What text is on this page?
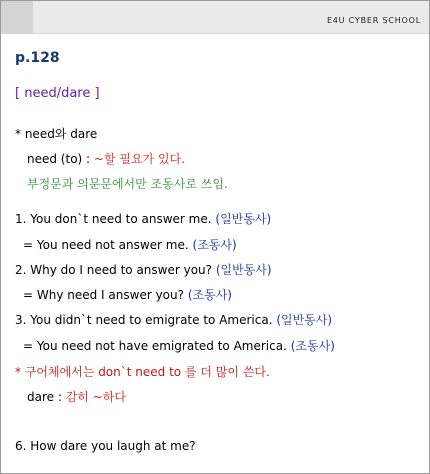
E4U CYBER SCHOOL
p.128
[ need/dare ]
* need와 dare
need (to) : ~할 필요가 있다.
부정문과 의문문에서만 조동사로 쓰임.
1. You don`t need to answer me. (일반동사)
= You need not answer me. (조동사)
2. Why do I need to answer you? (일반동사)
= Why need I answer you? (조동사)
3. You didn`t need to emigrate to America. (일반동사)
= You need not have emigrated to America. (조동사)
* 구어체에서는 don`t need to 를 더 많이 쓴다.
dare : 감히 ~하다
6. How dare you laugh at me?
